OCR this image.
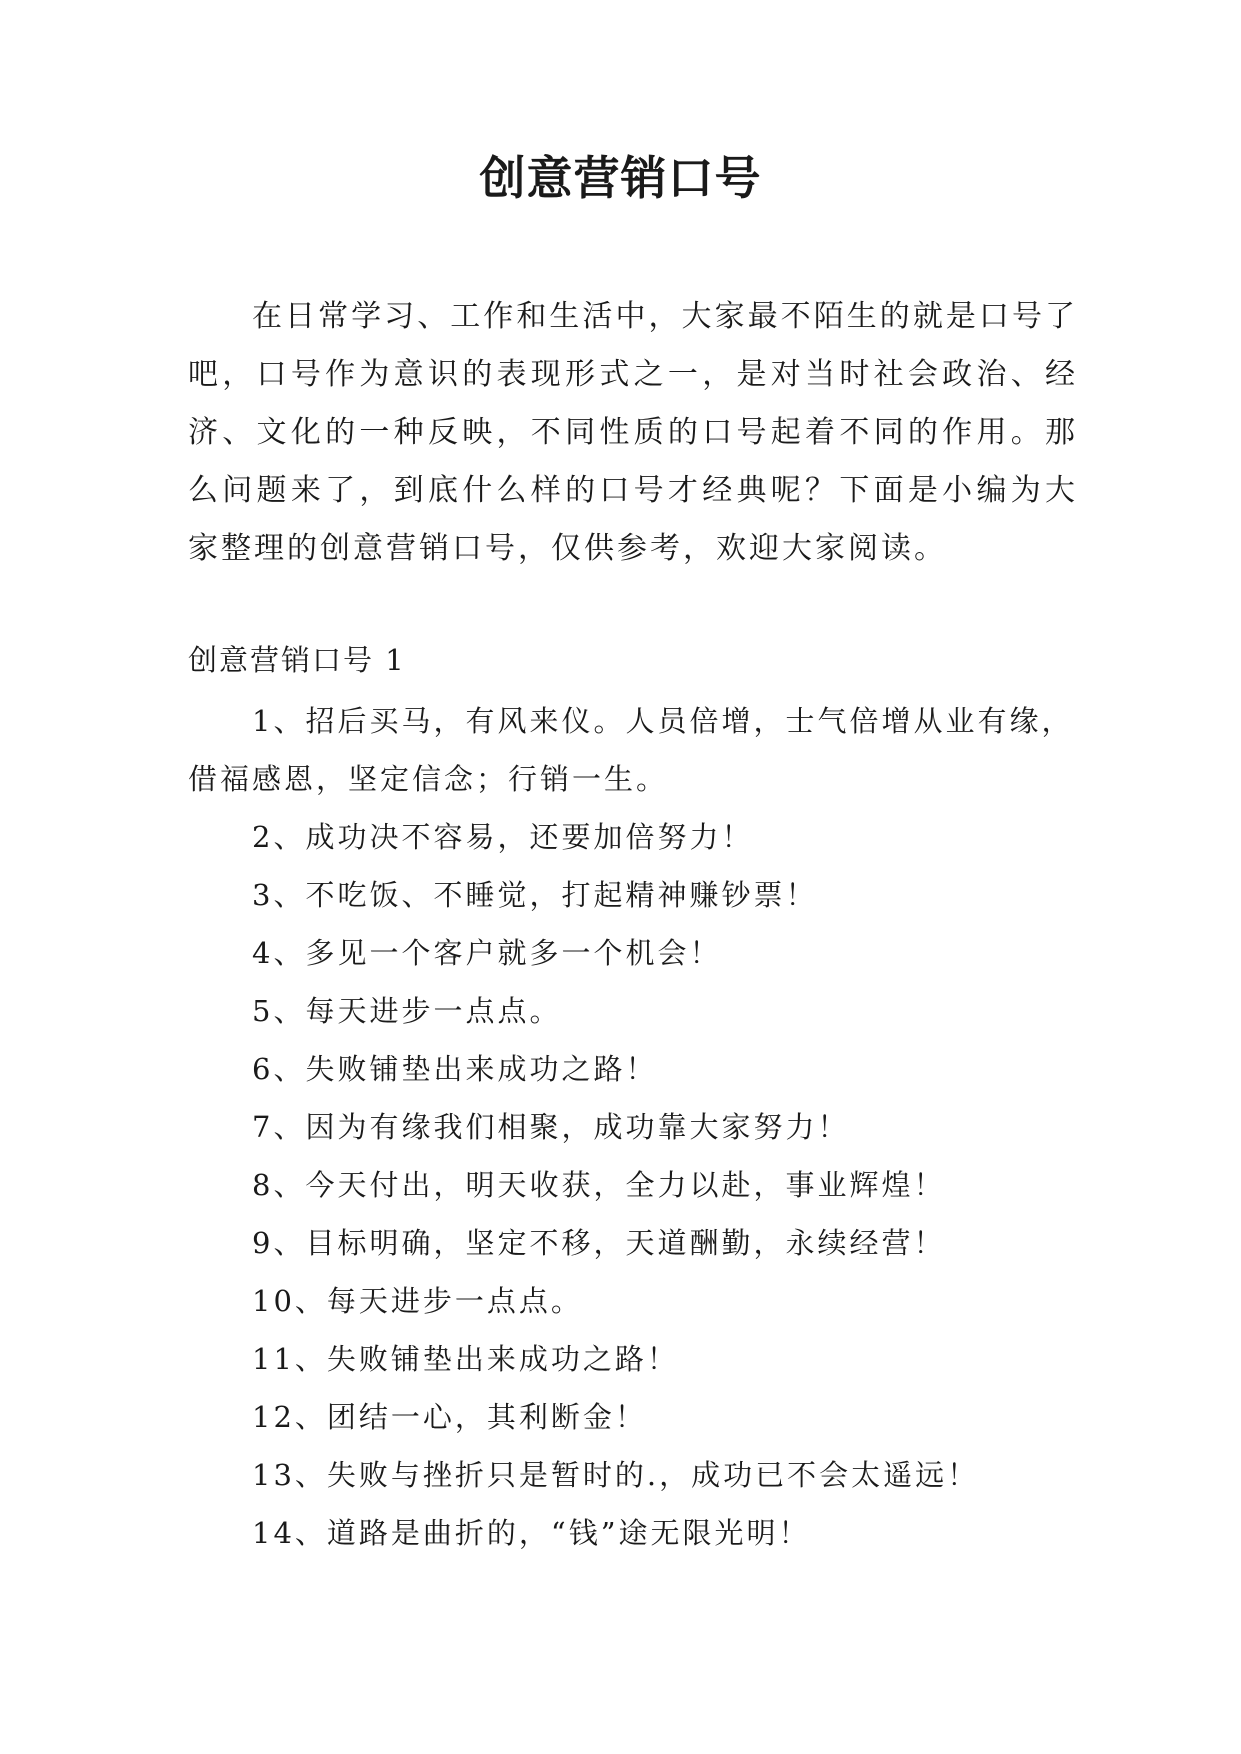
创意营销口号
在日常学习、工作和生活中，大家最不陌生的就是口号了吧，口号作为意识的表现形式之一，是对当时社会政治、经济、文化的一种反映，不同性质的口号起着不同的作用。那么问题来了，到底什么样的口号才经典呢？下面是小编为大家整理的创意营销口号，仅供参考，欢迎大家阅读。
创意营销口号 1
1、招后买马，有风来仪。人员倍增，士气倍增从业有缘，借福感恩，坚定信念；行销一生。
2、成功决不容易，还要加倍努力！
3、不吃饭、不睡觉，打起精神赚钞票！
4、多见一个客户就多一个机会！
5、每天进步一点点。
6、失败铺垫出来成功之路！
7、因为有缘我们相聚，成功靠大家努力！
8、今天付出，明天收获，全力以赴，事业辉煌！
9、目标明确，坚定不移，天道酬勤，永续经营！
10、每天进步一点点。
11、失败铺垫出来成功之路！
12、团结一心，其利断金！
13、失败与挫折只是暂时的.，成功已不会太遥远！
14、道路是曲折的，“钱”途无限光明！
